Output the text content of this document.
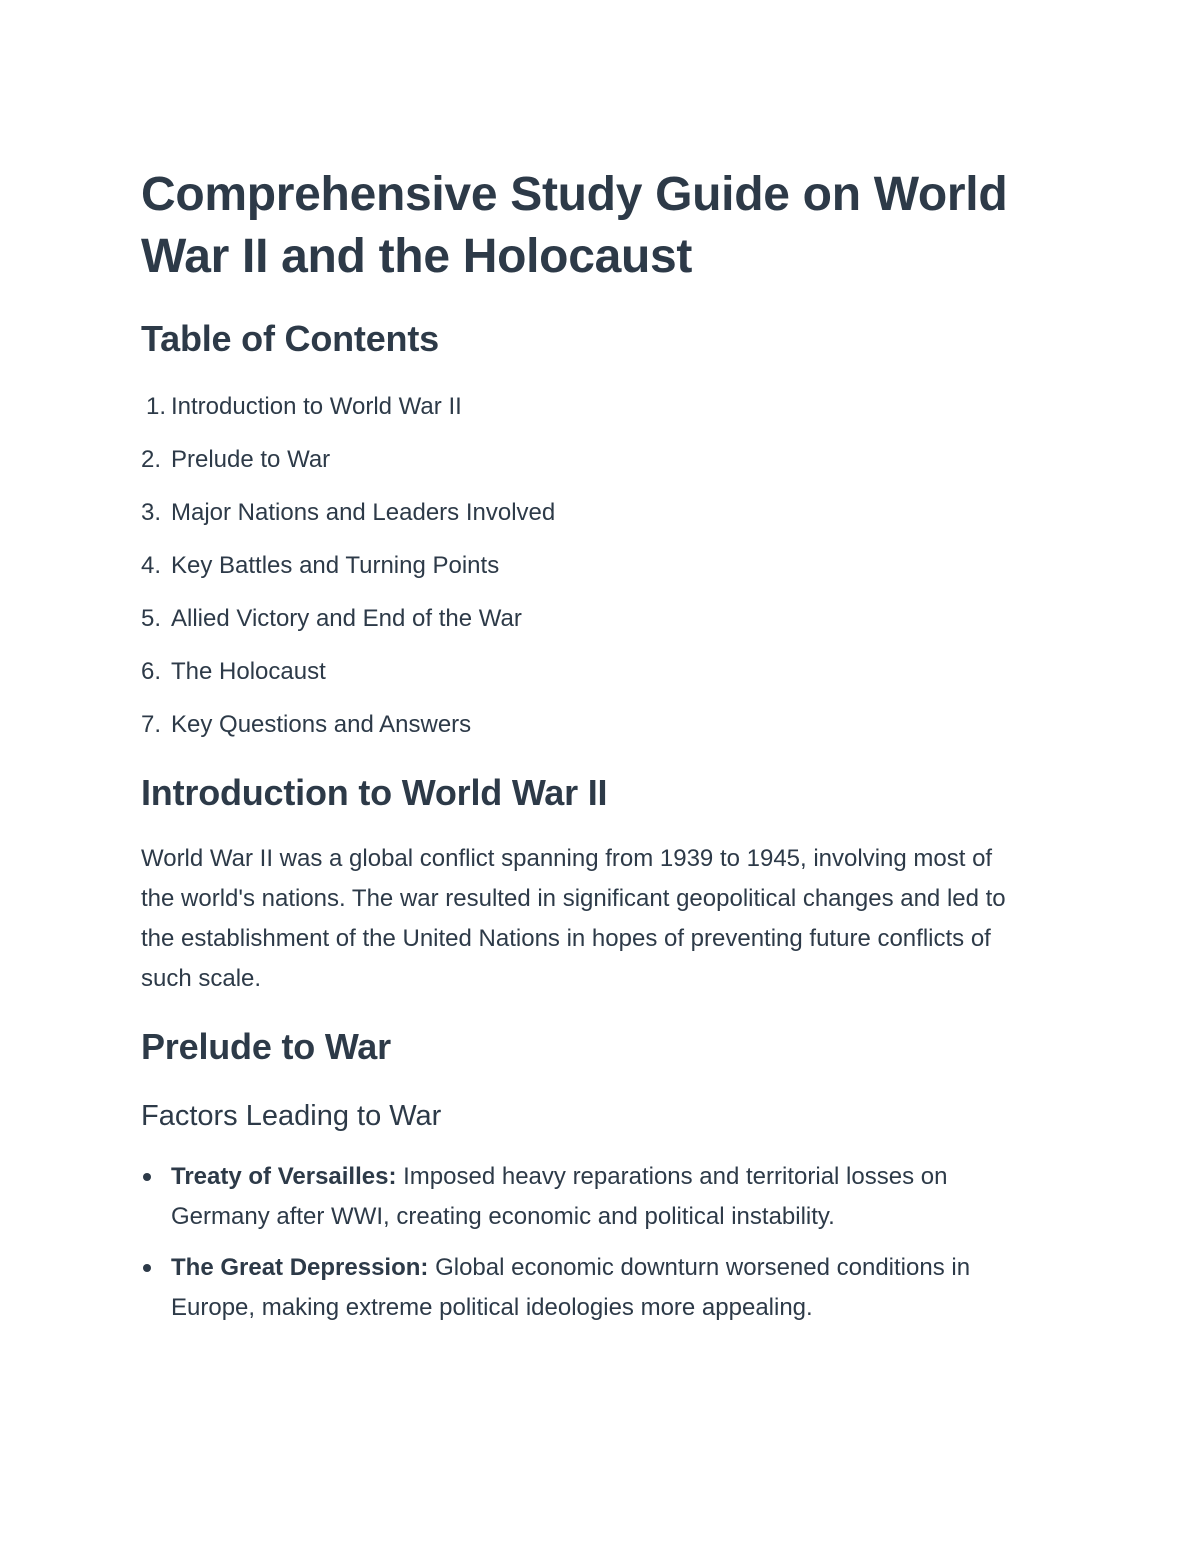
Comprehensive Study Guide on World War II and the Holocaust
Table of Contents
1. Introduction to World War II
2. Prelude to War
3. Major Nations and Leaders Involved
4. Key Battles and Turning Points
5. Allied Victory and End of the War
6. The Holocaust
7. Key Questions and Answers
Introduction to World War II

World War II was a global conflict spanning from 1939 to 1945, involving most of the world's nations. The war resulted in significant geopolitical changes and led to the establishment of the United Nations in hopes of preventing future conflicts of such scale.

Prelude to War
Factors Leading to War
Treaty of Versailles: Imposed heavy reparations and territorial losses on Germany after WWI, creating economic and political instability.
The Great Depression: Global economic downturn worsened conditions in Europe, making extreme political ideologies more appealing.
